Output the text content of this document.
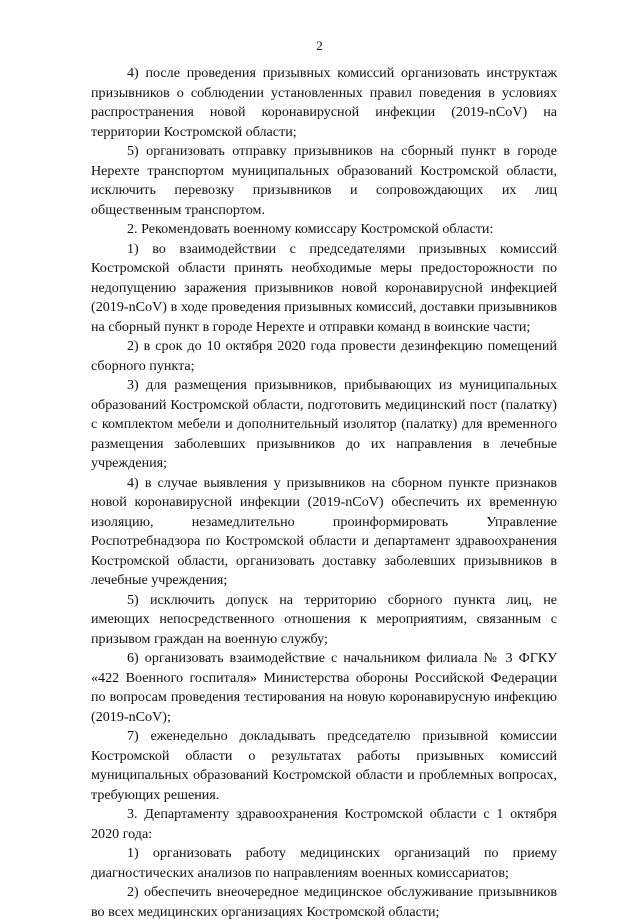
2

4) после проведения призывных комиссий организовать инструктаж призывников о соблюдении установленных правил поведения в условиях распространения новой коронавирусной инфекции (2019-nCoV) на территории Костромской области;

5) организовать отправку призывников на сборный пункт в городе Нерехте транспортом муниципальных образований Костромской области, исключить перевозку призывников и сопровождающих их лиц общественным транспортом.

2. Рекомендовать военному комиссару Костромской области:

1) во взаимодействии с председателями призывных комиссий Костромской области принять необходимые меры предосторожности по недопущению заражения призывников новой коронавирусной инфекцией (2019-nCoV) в ходе проведения призывных комиссий, доставки призывников на сборный пункт в городе Нерехте и отправки команд в воинские части;

2) в срок до 10 октября 2020 года провести дезинфекцию помещений сборного пункта;

3) для размещения призывников, прибывающих из муниципальных образований Костромской области, подготовить медицинский пост (палатку) с комплектом мебели и дополнительный изолятор (палатку) для временного размещения заболевших призывников до их направления в лечебные учреждения;

4) в случае выявления у призывников на сборном пункте признаков новой коронавирусной инфекции (2019-nCoV) обеспечить их временную изоляцию, незамедлительно проинформировать Управление Роспотребнадзора по Костромской области и департамент здравоохранения Костромской области, организовать доставку заболевших призывников в лечебные учреждения;

5) исключить допуск на территорию сборного пункта лиц, не имеющих непосредственного отношения к мероприятиям, связанным с призывом граждан на военную службу;

6) организовать взаимодействие с начальником филиала № 3 ФГКУ «422 Военного госпиталя» Министерства обороны Российской Федерации по вопросам проведения тестирования на новую коронавирусную инфекцию (2019-nCoV);

7) еженедельно докладывать председателю призывной комиссии Костромской области о результатах работы призывных комиссий муниципальных образований Костромской области и проблемных вопросах, требующих решения.

3. Департаменту здравоохранения Костромской области с 1 октября 2020 года:

1) организовать работу медицинских организаций по приему диагностических анализов по направлениям военных комиссариатов;

2) обеспечить внеочередное медицинское обслуживание призывников во всех медицинских организациях Костромской области;
